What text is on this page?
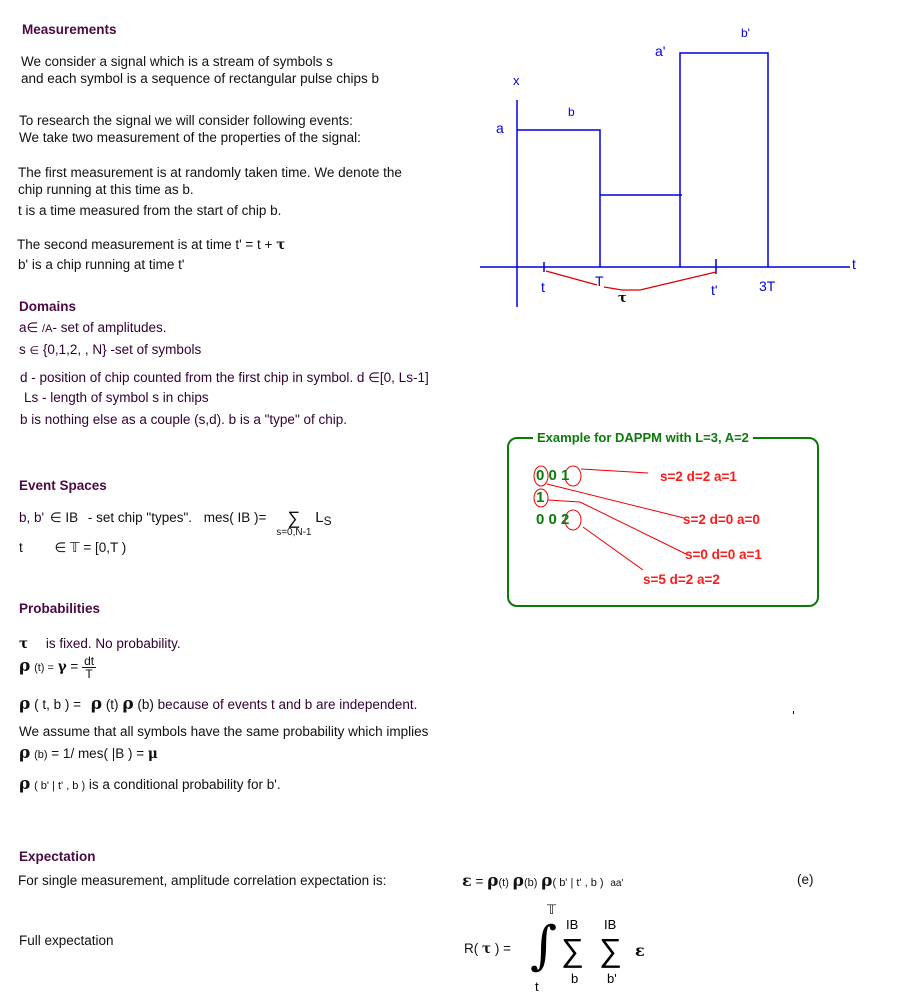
Measurements
We consider a signal which is a stream of symbols s
and each symbol is a sequence of rectangular pulse chips b
To research the signal we will consider following events:
We take two measurement of the properties of the signal:
The first measurement is at randomly taken time. We denote the
chip running at this time as b.
t is a time measured from the start of chip b.
The second measurement is at time t' = t + τ
b' is a chip running at time t'
x
t
a
b
a'
b'
t	T
t'	3T
τ
Domains
a∈ /A- set of amplitudes.
s ∈ {0,1,2, , N} -set of symbols
d - position of chip counted from the first chip in symbol. d ∈[0, Ls-1]
Ls - length of symbol s in chips
b is nothing else as a couple (s,d). b is a "type" of chip.
Example for DAPPM with L=3, A=2
0 0 1
1
0 0 2
s=2 d=2 a=1
s=2 d=0 a=0
s=0 d=0 a=1
s=5 d=2 a=2
Event Spaces
b, b' ∈ IB - set chip "types". mes( IB )=	∑
s=0,N-1
$L_S$
t ∈ 𝕋 = [0,T )
Probabilities
τ is fixed. No probability.
ρ $(t) = \gamma = \frac{dt}{T}$
ρ ( t, b ) = ρ (t) ρ (b) because of events t and b are independent.
We assume that all symbols have the same probability which implies
ρ (b) = 1/ mes( |B ) = μ
ρ ( b' | t' , b ) is a conditional probability for b'.
Expectation
For single measurement, amplitude correlation expectation is:	ε = ρ(t) ρ(b) ρ( b' | t' , b ) aa'	(e)
Full expectation
R( τ ) =
𝕋
∫
t
IB
∑
b
IB
∑
b'
ε
